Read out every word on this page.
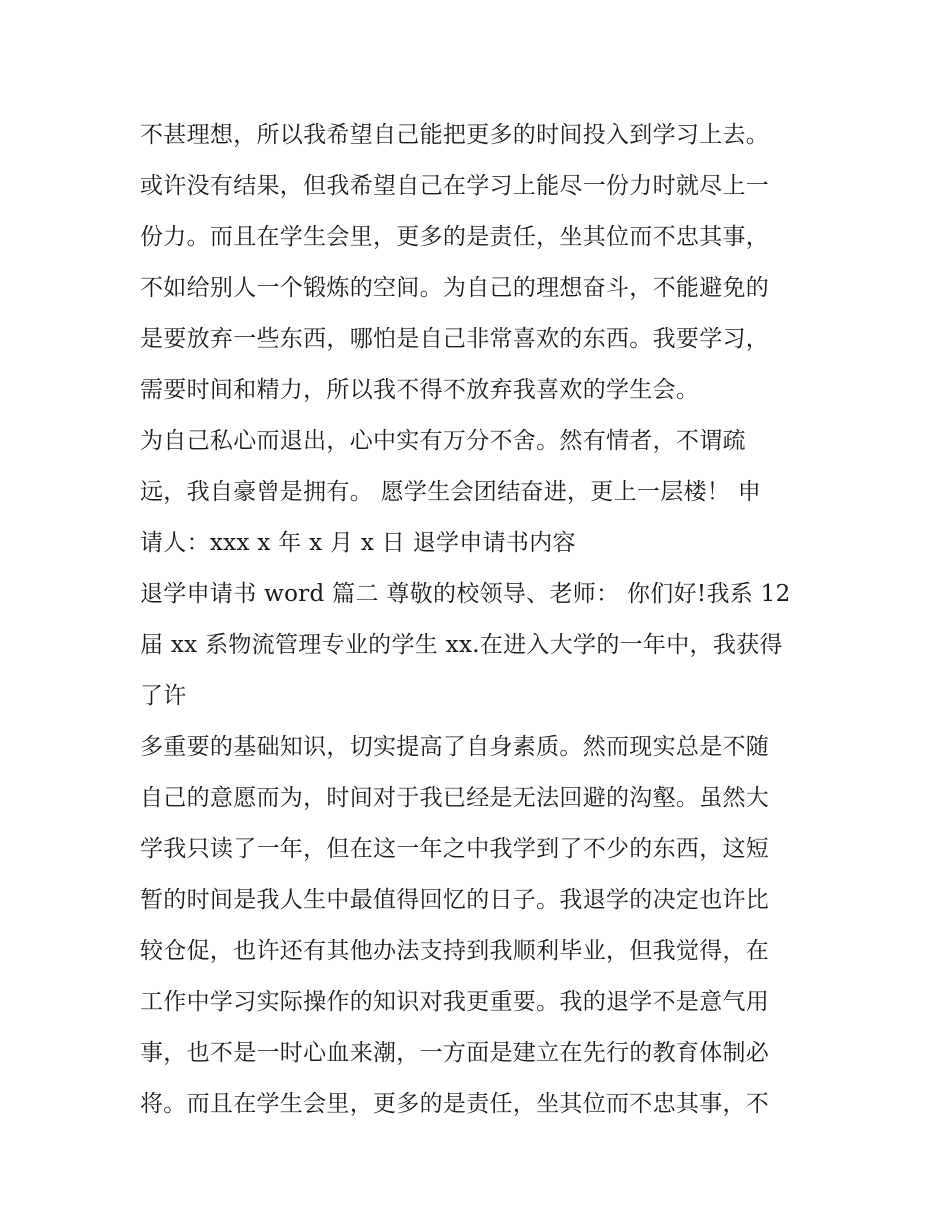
不甚理想，所以我希望自己能把更多的时间投入到学习上去。
或许没有结果，但我希望自己在学习上能尽一份力时就尽上一
份力。而且在学生会里，更多的是责任，坐其位而不忠其事，
不如给别人一个锻炼的空间。为自己的理想奋斗，不能避免的
是要放弃一些东西，哪怕是自己非常喜欢的东西。我要学习，
需要时间和精力，所以我不得不放弃我喜欢的学生会。
为自己私心而退出，心中实有万分不舍。然有情者，不谓疏
远，我自豪曾是拥有。 愿学生会团结奋进，更上一层楼！ 申
请人：xxx x 年 x 月 x 日 退学申请书内容
退学申请书 word 篇二 尊敬的校领导、老师： 你们好!我系 12
届 xx 系物流管理专业的学生 xx.在进入大学的一年中，我获得
了许
多重要的基础知识，切实提高了自身素质。然而现实总是不随
自己的意愿而为，时间对于我已经是无法回避的沟壑。虽然大
学我只读了一年，但在这一年之中我学到了不少的东西，这短
暂的时间是我人生中最值得回忆的日子。我退学的决定也许比
较仓促，也许还有其他办法支持到我顺利毕业，但我觉得，在
工作中学习实际操作的知识对我更重要。我的退学不是意气用
事，也不是一时心血来潮，一方面是建立在先行的教育体制必
将。而且在学生会里，更多的是责任，坐其位而不忠其事，不
